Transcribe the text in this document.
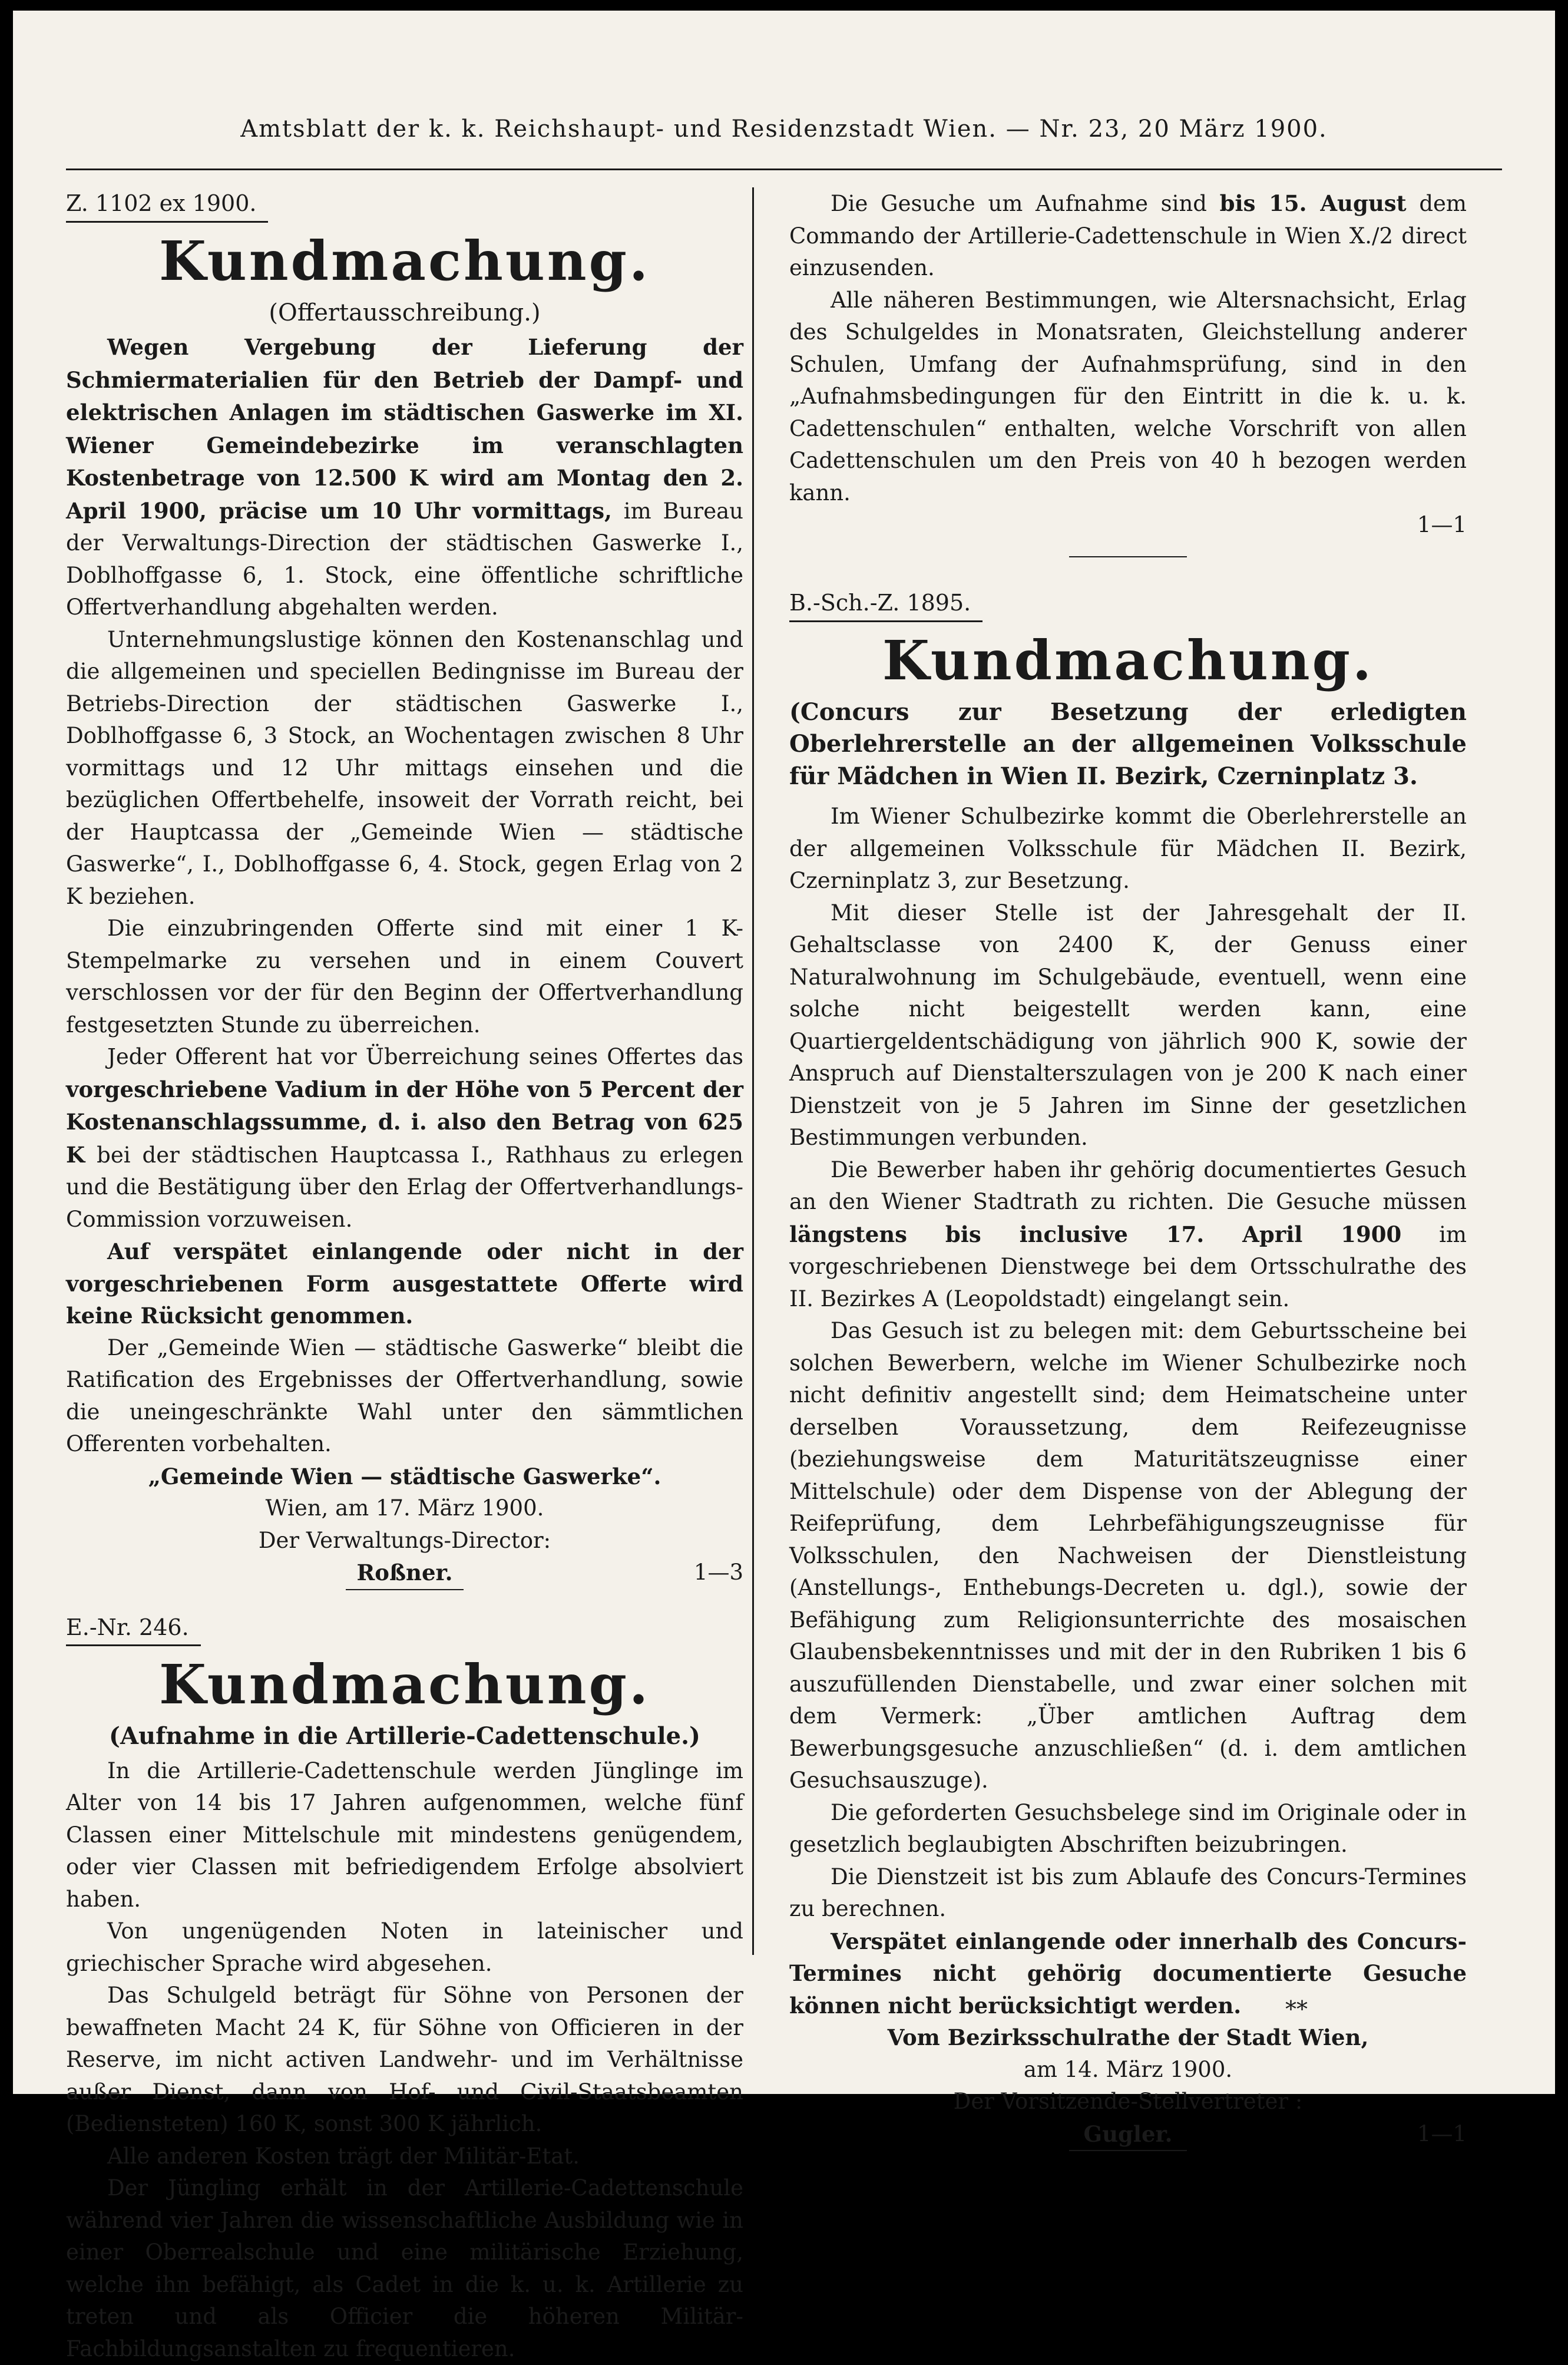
Amtsblatt der k. k. Reichshaupt- und Residenzstadt Wien. — Nr. 23, 20 März 1900.
Z. 1102 ex 1900.
Kundmachung.
(Offertausschreibung.)

Wegen Vergebung der Lieferung der Schmiermaterialien für den Betrieb der Dampf- und elektrischen Anlagen im städtischen Gaswerke im XI. Wiener Gemeindebezirke im veranschlagten Kostenbetrage von 12.500 K wird am Montag den 2. April 1900, präcise um 10 Uhr vormittags, im Bureau der Verwaltungs-Direction der städtischen Gaswerke I., Doblhoffgasse 6, 1. Stock, eine öffentliche schriftliche Offertverhandlung abgehalten werden.

Unternehmungslustige können den Kostenanschlag und die allgemeinen und speciellen Bedingnisse im Bureau der Betriebs-Direction der städtischen Gaswerke I., Doblhoffgasse 6, 3 Stock, an Wochentagen zwischen 8 Uhr vormittags und 12 Uhr mittags einsehen und die bezüglichen Offertbehelfe, insoweit der Vorrath reicht, bei der Hauptcassa der „Gemeinde Wien — städtische Gaswerke“, I., Doblhoffgasse 6, 4. Stock, gegen Erlag von 2 K beziehen.

Die einzubringenden Offerte sind mit einer 1 K-Stempelmarke zu versehen und in einem Couvert verschlossen vor der für den Beginn der Offertverhandlung festgesetzten Stunde zu überreichen.

Jeder Offerent hat vor Überreichung seines Offertes das vorgeschriebene Vadium in der Höhe von 5 Percent der Kostenanschlagssumme, d. i. also den Betrag von 625 K bei der städtischen Hauptcassa I., Rathhaus zu erlegen und die Bestätigung über den Erlag der Offertverhandlungs-Commission vorzuweisen.

Auf verspätet einlangende oder nicht in der vorgeschriebenen Form ausgestattete Offerte wird keine Rücksicht genommen.

Der „Gemeinde Wien — städtische Gaswerke“ bleibt die Ratification des Ergebnisses der Offertverhandlung, sowie die uneingeschränkte Wahl unter den sämmtlichen Offerenten vorbehalten.

„Gemeinde Wien — städtische Gaswerke“.

Wien, am 17. März 1900.

Der Verwaltungs-Director:

Roßner.	1—3
E.-Nr. 246.
Kundmachung.
(Aufnahme in die Artillerie-Cadettenschule.)

In die Artillerie-Cadettenschule werden Jünglinge im Alter von 14 bis 17 Jahren aufgenommen, welche fünf Classen einer Mittelschule mit mindestens genügendem, oder vier Classen mit befriedigendem Erfolge absolviert haben.

Von ungenügenden Noten in lateinischer und griechischer Sprache wird abgesehen.

Das Schulgeld beträgt für Söhne von Personen der bewaffneten Macht 24 K, für Söhne von Officieren in der Reserve, im nicht activen Landwehr- und im Verhältnisse außer Dienst, dann von Hof- und Civil-Staatsbeamten (Bediensteten) 160 K, sonst 300 K jährlich.

Alle anderen Kosten trägt der Militär-Etat.

Der Jüngling erhält in der Artillerie-Cadettenschule während vier Jahren die wissenschaftliche Ausbildung wie in einer Oberrealschule und eine militärische Erziehung, welche ihn befähigt, als Cadet in die k. u. k. Artillerie zu treten und als Officier die höheren Militär-Fachbildungsanstalten zu frequentieren.

Die Gesuche um Aufnahme sind bis 15. August dem Commando der Artillerie-Cadettenschule in Wien X./2 direct einzusenden.

Alle näheren Bestimmungen, wie Altersnachsicht, Erlag des Schulgeldes in Monatsraten, Gleichstellung anderer Schulen, Umfang der Aufnahmsprüfung, sind in den „Aufnahmsbedingungen für den Eintritt in die k. u. k. Cadettenschulen“ enthalten, welche Vorschrift von allen Cadettenschulen um den Preis von 40 h bezogen werden kann.

1—1
B.-Sch.-Z. 1895.
Kundmachung.
(Concurs zur Besetzung der erledigten Oberlehrerstelle an der allgemeinen Volksschule für Mädchen in Wien II. Bezirk, Czerninplatz 3.

Im Wiener Schulbezirke kommt die Oberlehrerstelle an der allgemeinen Volksschule für Mädchen II. Bezirk, Czerninplatz 3, zur Besetzung.

Mit dieser Stelle ist der Jahresgehalt der II. Gehaltsclasse von 2400 K, der Genuss einer Naturalwohnung im Schulgebäude, eventuell, wenn eine solche nicht beigestellt werden kann, eine Quartiergeldentschädigung von jährlich 900 K, sowie der Anspruch auf Dienstalterszulagen von je 200 K nach einer Dienstzeit von je 5 Jahren im Sinne der gesetzlichen Bestimmungen verbunden.

Die Bewerber haben ihr gehörig documentiertes Gesuch an den Wiener Stadtrath zu richten. Die Gesuche müssen längstens bis inclusive 17. April 1900 im vorgeschriebenen Dienstwege bei dem Ortsschulrathe des II. Bezirkes A (Leopoldstadt) eingelangt sein.

Das Gesuch ist zu belegen mit: dem Geburtsscheine bei solchen Bewerbern, welche im Wiener Schulbezirke noch nicht definitiv angestellt sind; dem Heimatscheine unter derselben Voraussetzung, dem Reifezeugnisse (beziehungsweise dem Maturitätszeugnisse einer Mittelschule) oder dem Dispense von der Ablegung der Reifeprüfung, dem Lehrbefähigungszeugnisse für Volksschulen, den Nachweisen der Dienstleistung (Anstellungs-, Enthebungs-Decreten u. dgl.), sowie der Befähigung zum Religionsunterrichte des mosaischen Glaubensbekenntnisses und mit der in den Rubriken 1 bis 6 auszufüllenden Dienstabelle, und zwar einer solchen mit dem Vermerk: „Über amtlichen Auftrag dem Bewerbungsgesuche anzuschließen“ (d. i. dem amtlichen Gesuchsauszuge).

Die geforderten Gesuchsbelege sind im Originale oder in gesetzlich beglaubigten Abschriften beizubringen.

Die Dienstzeit ist bis zum Ablaufe des Concurs-Termines zu berechnen.

Verspätet einlangende oder innerhalb des Concurs-Termines nicht gehörig documentierte Gesuche können nicht berücksichtigt werden.

Vom Bezirksschulrathe der Stadt Wien,

am 14. März 1900.

Der Vorsitzende-Stellvertreter :

Gugler.	1—1
**
